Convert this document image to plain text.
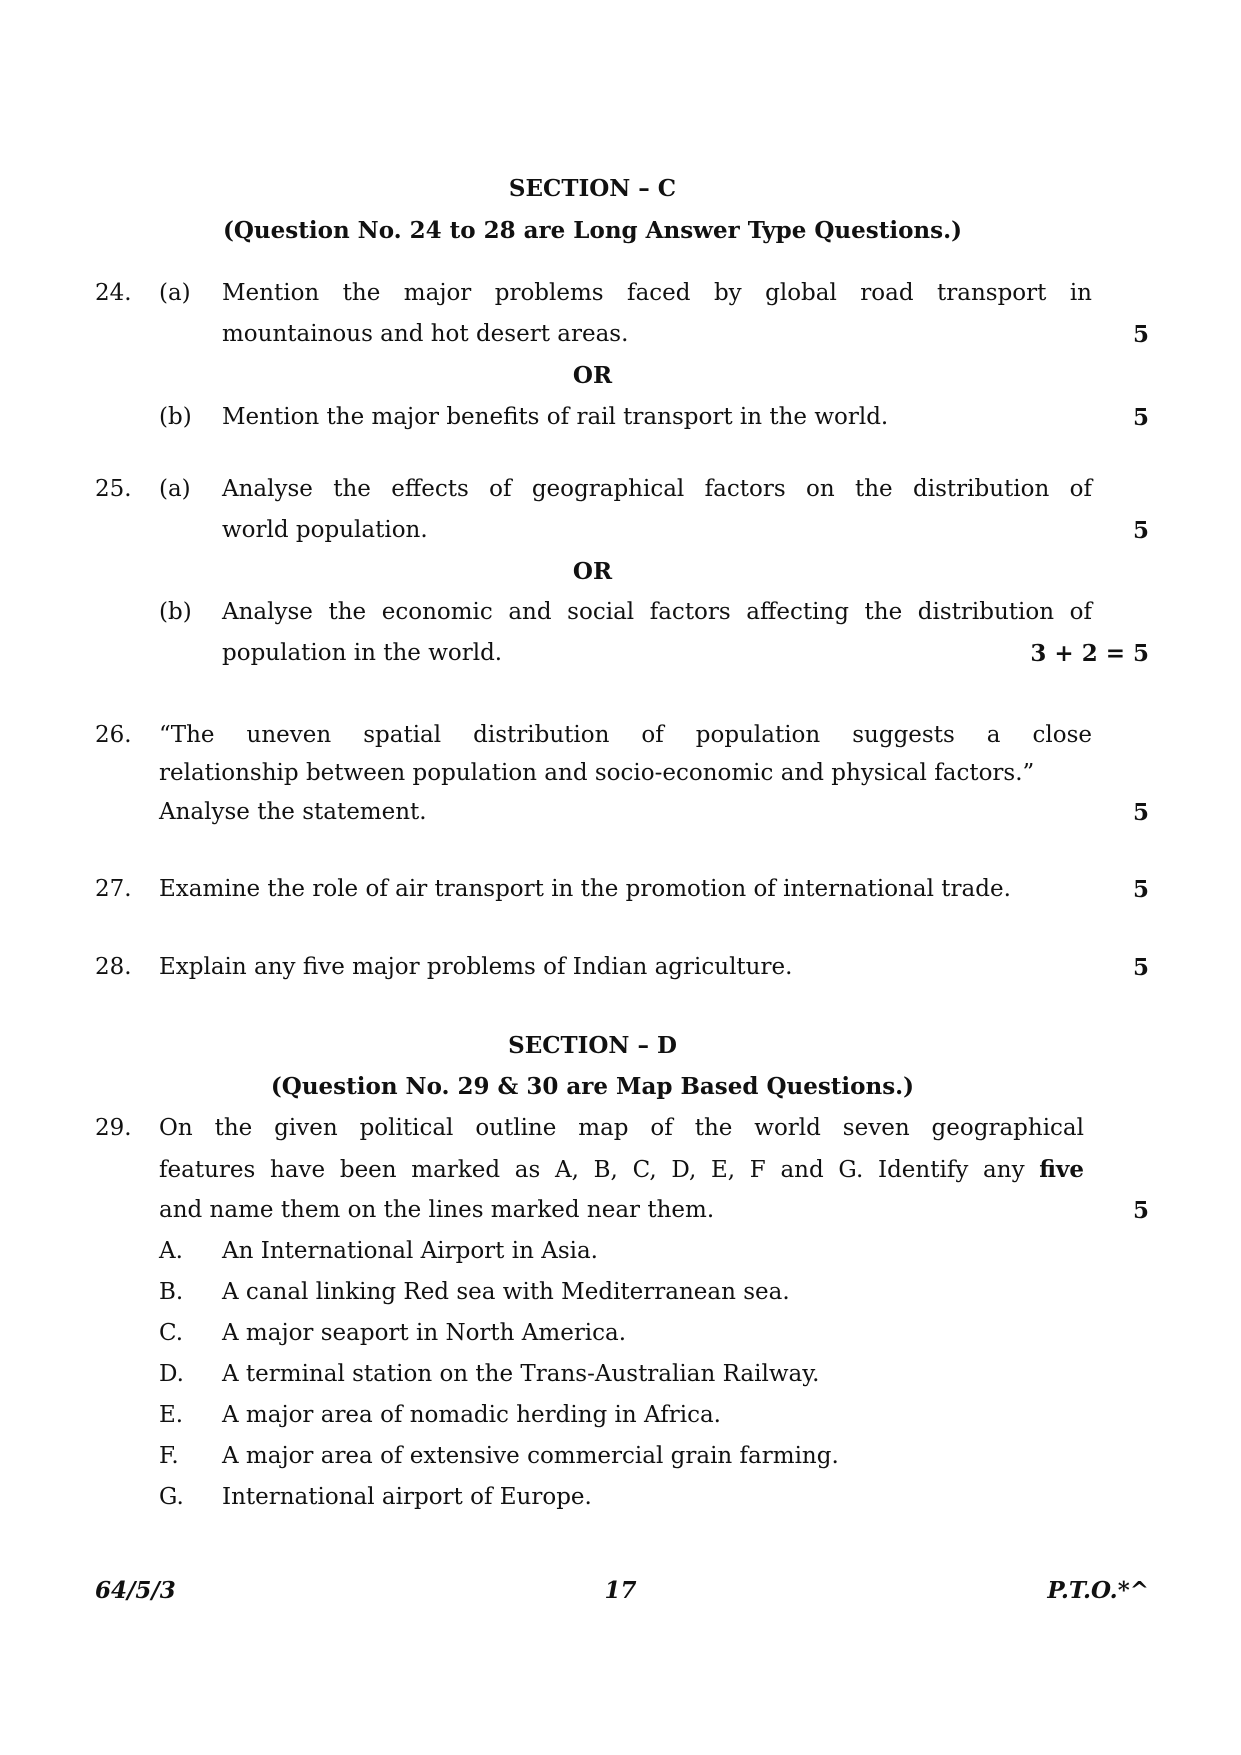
SECTION – C
(Question No. 24 to 28 are Long Answer Type Questions.)
24. (a) Mention the major problems faced by global road transport in
mountainous and hot desert areas.	5
OR
(b) Mention the major benefits of rail transport in the world.	5
25. (a) Analyse the effects of geographical factors on the distribution of
world population.	5
OR
(b) Analyse the economic and social factors affecting the distribution of
population in the world.	3 + 2 = 5
26. “The uneven spatial distribution of population suggests a close
relationship between population and socio-economic and physical factors.”
Analyse the statement.	5
27. Examine the role of air transport in the promotion of international trade.	5
28. Explain any five major problems of Indian agriculture.	5
SECTION – D
(Question No. 29 & 30 are Map Based Questions.)
29. On the given political outline map of the world seven geographical
features have been marked as A, B, C, D, E, F and G. Identify any five
and name them on the lines marked near them.	5
A. An International Airport in Asia.
B. A canal linking Red sea with Mediterranean sea.
C. A major seaport in North America.
D. A terminal station on the Trans-Australian Railway.
E. A major area of nomadic herding in Africa.
F. A major area of extensive commercial grain farming.
G. International airport of Europe.
64/5/3	17	P.T.O.*^
